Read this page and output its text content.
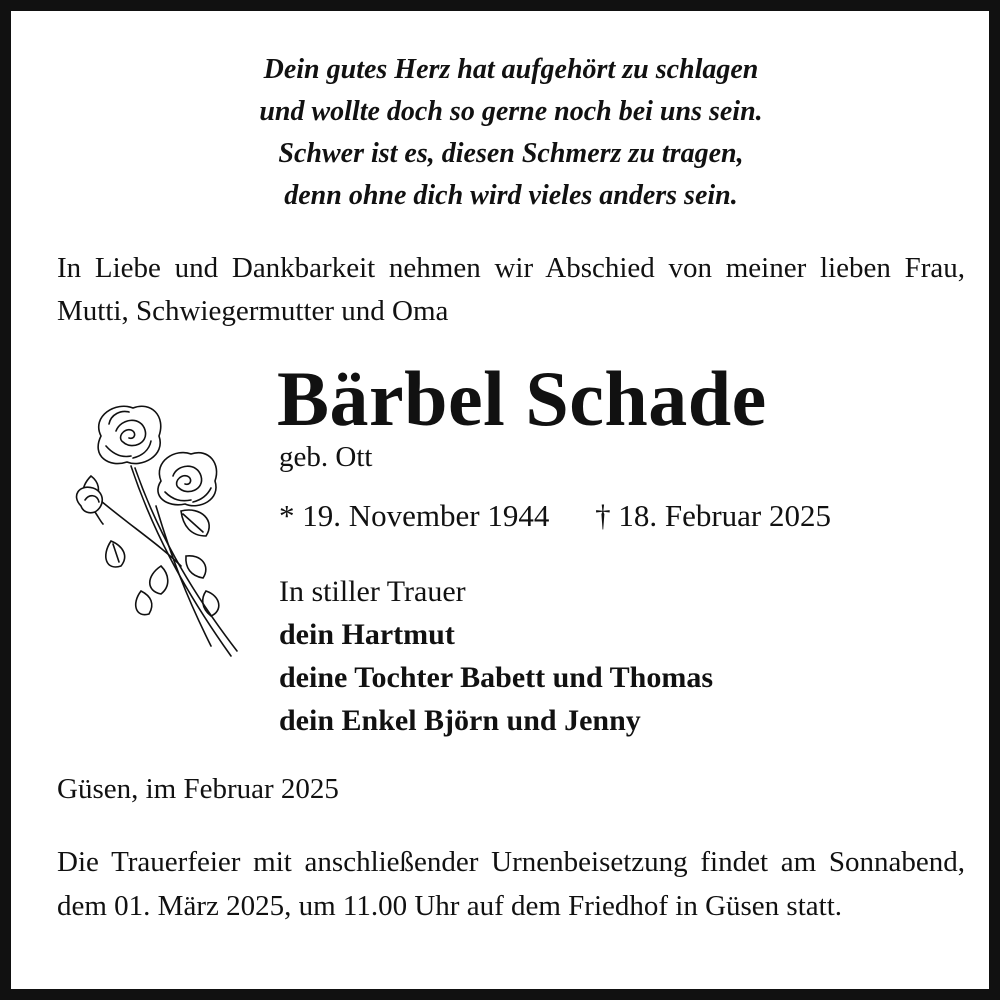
Dein gutes Herz hat aufgehört zu schlagen
und wollte doch so gerne noch bei uns sein.
Schwer ist es, diesen Schmerz zu tragen,
denn ohne dich wird vieles anders sein.
In Liebe und Dankbarkeit nehmen wir Abschied von meiner lieben Frau, Mutti, Schwiegermutter und Oma
Bärbel Schade
geb. Ott
* 19. November 1944 † 18. Februar 2025
In stiller Trauer
dein Hartmut
deine Tochter Babett und Thomas
dein Enkel Björn und Jenny
Güsen, im Februar 2025
Die Trauerfeier mit anschließender Urnenbeisetzung findet am Sonnabend, dem 01. März 2025, um 11.00 Uhr auf dem Friedhof in Güsen statt.
